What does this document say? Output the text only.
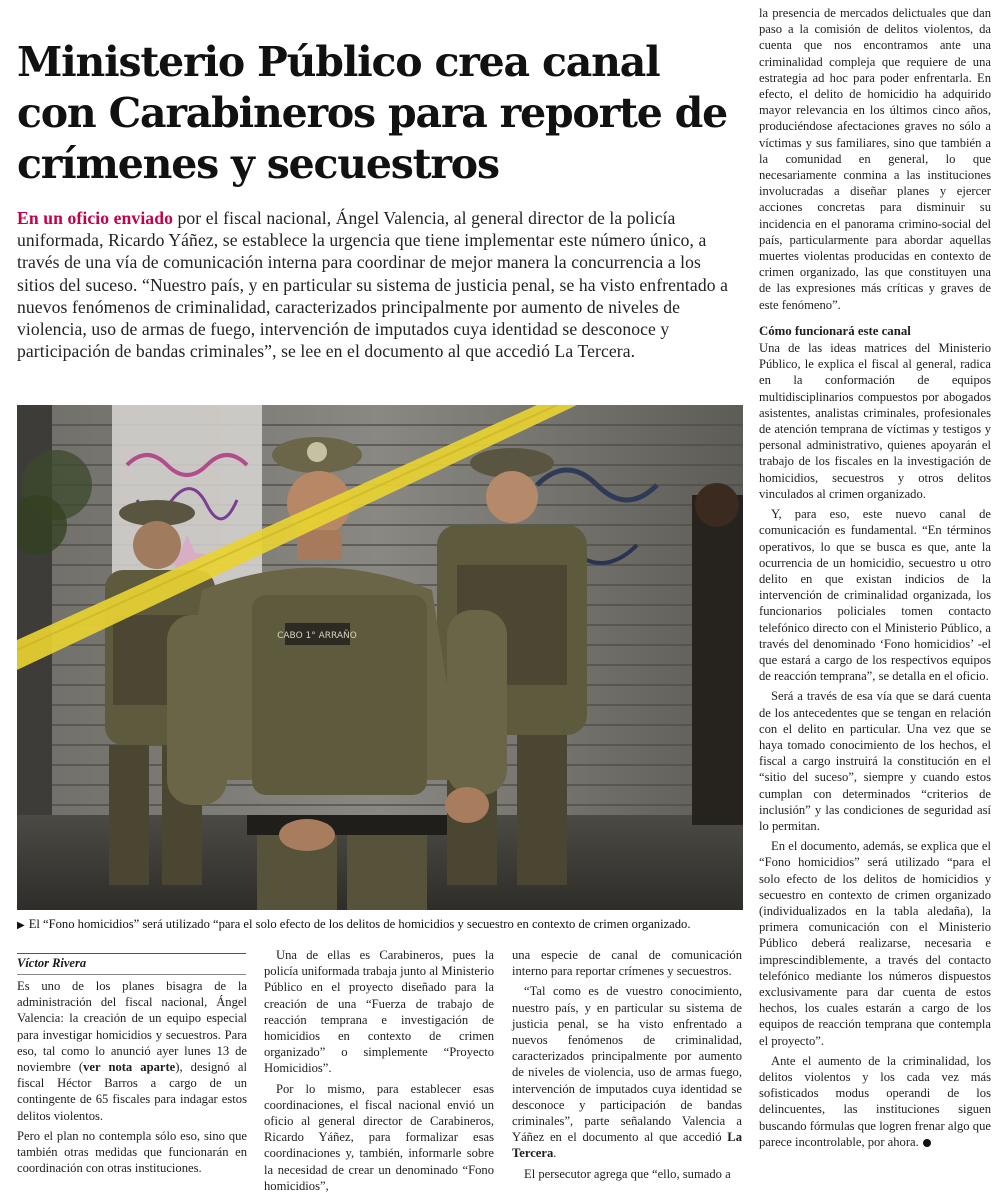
Ministerio Público crea canal con Carabineros para reporte de crímenes y secuestros
En un oficio enviado por el fiscal nacional, Ángel Valencia, al general director de la policía uniformada, Ricardo Yáñez, se establece la urgencia que tiene implementar este número único, a través de una vía de comunicación interna para coordinar de mejor manera la concurrencia a los sitios del suceso. “Nuestro país, y en particular su sistema de justicia penal, se ha visto enfrentado a nuevos fenómenos de criminalidad, caracterizados principalmente por aumento de niveles de violencia, uso de armas de fuego, intervención de imputados cuya identidad se desconoce y participación de bandas criminales”, se lee en el documento al que accedió La Tercera.
CABO 1° ARRAÑO
▶ El “Fono homicidios” será utilizado “para el solo efecto de los delitos de homicidios y secuestro en contexto de crimen organizado.
Víctor Rivera

Es uno de los planes bisagra de la administración del fiscal nacional, Ángel Valencia: la creación de un equipo especial para investigar homicidios y secuestros. Para eso, tal como lo anunció ayer lunes 13 de noviembre (ver nota aparte), designó al fiscal Héctor Barros a cargo de un contingente de 65 fiscales para indagar estos delitos violentos.

Pero el plan no contempla sólo eso, sino que también otras medidas que funcionarán en coordinación con otras instituciones.

Una de ellas es Carabineros, pues la policía uniformada trabaja junto al Ministerio Público en el proyecto diseñado para la creación de una “Fuerza de trabajo de reacción temprana e investigación de homicidios en contexto de crimen organizado” o simplemente “Proyecto Homicidios”.

Por lo mismo, para establecer esas coordinaciones, el fiscal nacional envió un oficio al general director de Carabineros, Ricardo Yáñez, para formalizar esas coordinaciones y, también, informarle sobre la necesidad de crear un denominado “Fono homicidios”,

una especie de canal de comunicación interno para reportar crímenes y secuestros.

“Tal como es de vuestro conocimiento, nuestro país, y en particular su sistema de justicia penal, se ha visto enfrentado a nuevos fenómenos de criminalidad, caracterizados principalmente por aumento de niveles de violencia, uso de armas fuego, intervención de imputados cuya identidad se desconoce y participación de bandas criminales”, parte señalando Valencia a Yáñez en el documento al que accedió La Tercera.

El persecutor agrega que “ello, sumado a

la presencia de mercados delictuales que dan paso a la comisión de delitos violentos, da cuenta que nos encontramos ante una criminalidad compleja que requiere de una estrategia ad hoc para poder enfrentarla. En efecto, el delito de homicidio ha adquirido mayor relevancia en los últimos cinco años, produciéndose afectaciones graves no sólo a víctimas y sus familiares, sino que también a la comunidad en general, lo que necesariamente conmina a las instituciones involucradas a diseñar planes y ejercer acciones concretas para disminuir su incidencia en el panorama crimino-social del país, particularmente para abordar aquellas muertes violentas producidas en contexto de crimen organizado, las que constituyen una de las expresiones más críticas y graves de este fenómeno”.

Cómo funcionará este canal

Una de las ideas matrices del Ministerio Público, le explica el fiscal al general, radica en la conformación de equipos multidisciplinarios compuestos por abogados asistentes, analistas criminales, profesionales de atención temprana de víctimas y testigos y personal administrativo, quienes apoyarán el trabajo de los fiscales en la investigación de homicidios, secuestros y otros delitos vinculados al crimen organizado.

Y, para eso, este nuevo canal de comunicación es fundamental. “En términos operativos, lo que se busca es que, ante la ocurrencia de un homicidio, secuestro u otro delito en que existan indicios de la intervención de criminalidad organizada, los funcionarios policiales tomen contacto telefónico directo con el Ministerio Público, a través del denominado ‘Fono homicidios’ -el que estará a cargo de los respectivos equipos de reacción temprana”, se detalla en el oficio.

Será a través de esa vía que se dará cuenta de los antecedentes que se tengan en relación con el delito en particular. Una vez que se haya tomado conocimiento de los hechos, el fiscal a cargo instruirá la constitución en el “sitio del suceso”, siempre y cuando estos cumplan con determinados “criterios de inclusión” y las condiciones de seguridad así lo permitan.

En el documento, además, se explica que el “Fono homicidios” será utilizado “para el solo efecto de los delitos de homicidios y secuestro en contexto de crimen organizado (individualizados en la tabla aledaña), la primera comunicación con el Ministerio Público deberá realizarse, necesaria e imprescindiblemente, a través del contacto telefónico mediante los números dispuestos exclusivamente para dar cuenta de estos hechos, los cuales estarán a cargo de los equipos de reacción temprana que contempla el proyecto”.

Ante el aumento de la criminalidad, los delitos violentos y los cada vez más sofisticados modus operandi de los delincuentes, las instituciones siguen buscando fórmulas que logren frenar algo que parece incontrolable, por ahora.
